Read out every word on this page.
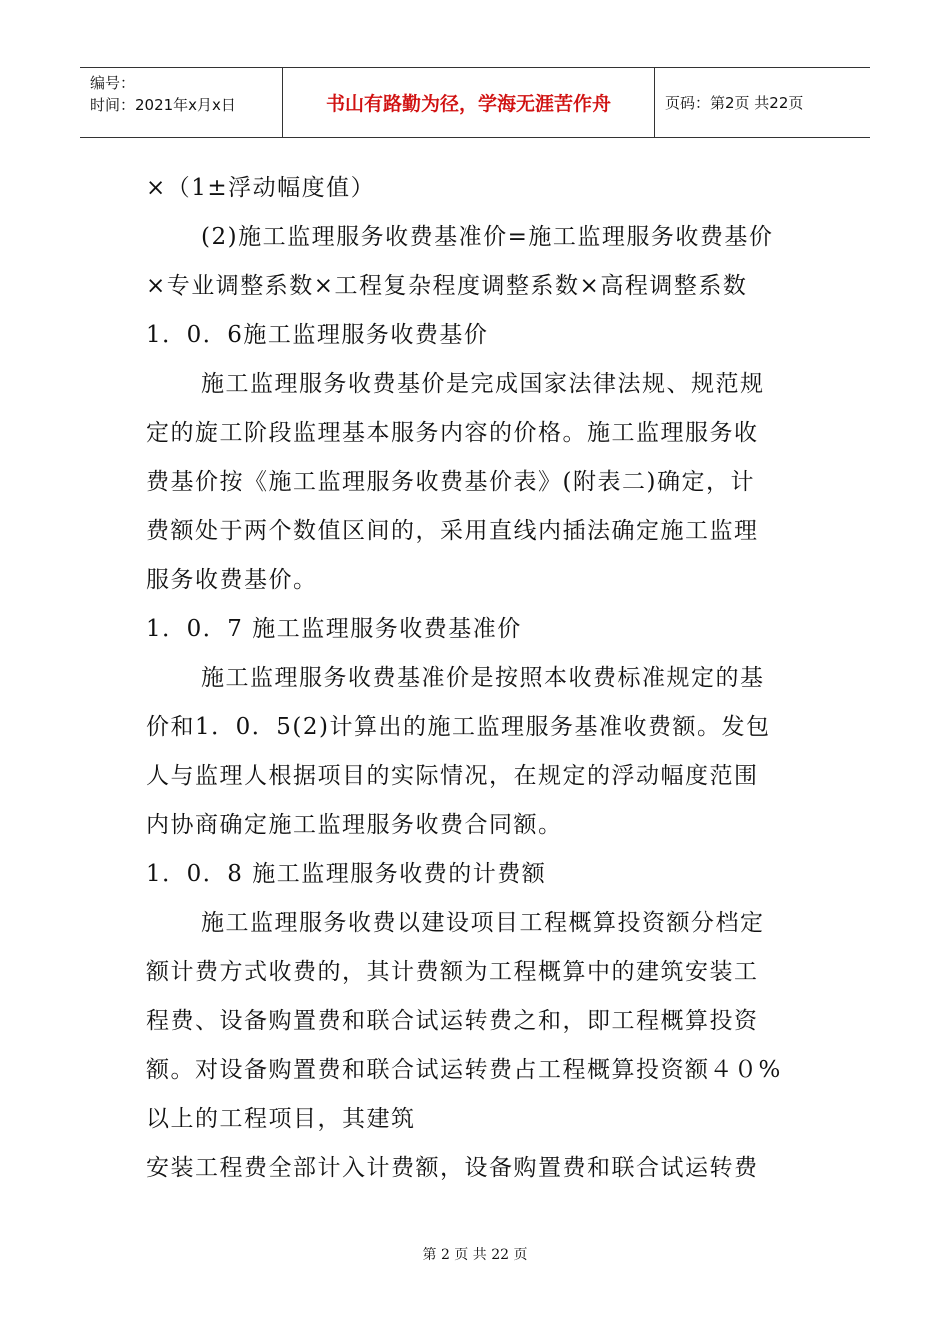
编号：
时间：2021年x月x日	书山有路勤为径，学海无涯苦作舟	页码：第2页 共22页
×（1±浮动幅度值）
(2)施工监理服务收费基准价=施工监理服务收费基价
×专业调整系数×工程复杂程度调整系数×高程调整系数
1．0．6施工监理服务收费基价
施工监理服务收费基价是完成国家法律法规、规范规
定的旋工阶段监理基本服务内容的价格。施工监理服务收
费基价按《施工监理服务收费基价表》(附表二)确定，计
费额处于两个数值区间的，采用直线内插法确定施工监理
服务收费基价。
1．0．7 施工监理服务收费基准价
施工监理服务收费基准价是按照本收费标准规定的基
价和1．0．5(2)计算出的施工监理服务基准收费额。发包
人与监理人根据项目的实际情况，在规定的浮动幅度范围
内协商确定施工监理服务收费合同额。
1．0．8 施工监理服务收费的计费额
施工监理服务收费以建设项目工程概算投资额分档定
额计费方式收费的，其计费额为工程概算中的建筑安装工
程费、设备购置费和联合试运转费之和，即工程概算投资
额。对设备购置费和联合试运转费占工程概算投资额４０%
以上的工程项目，其建筑
安装工程费全部计入计费额，设备购置费和联合试运转费
第 2 页 共 22 页
